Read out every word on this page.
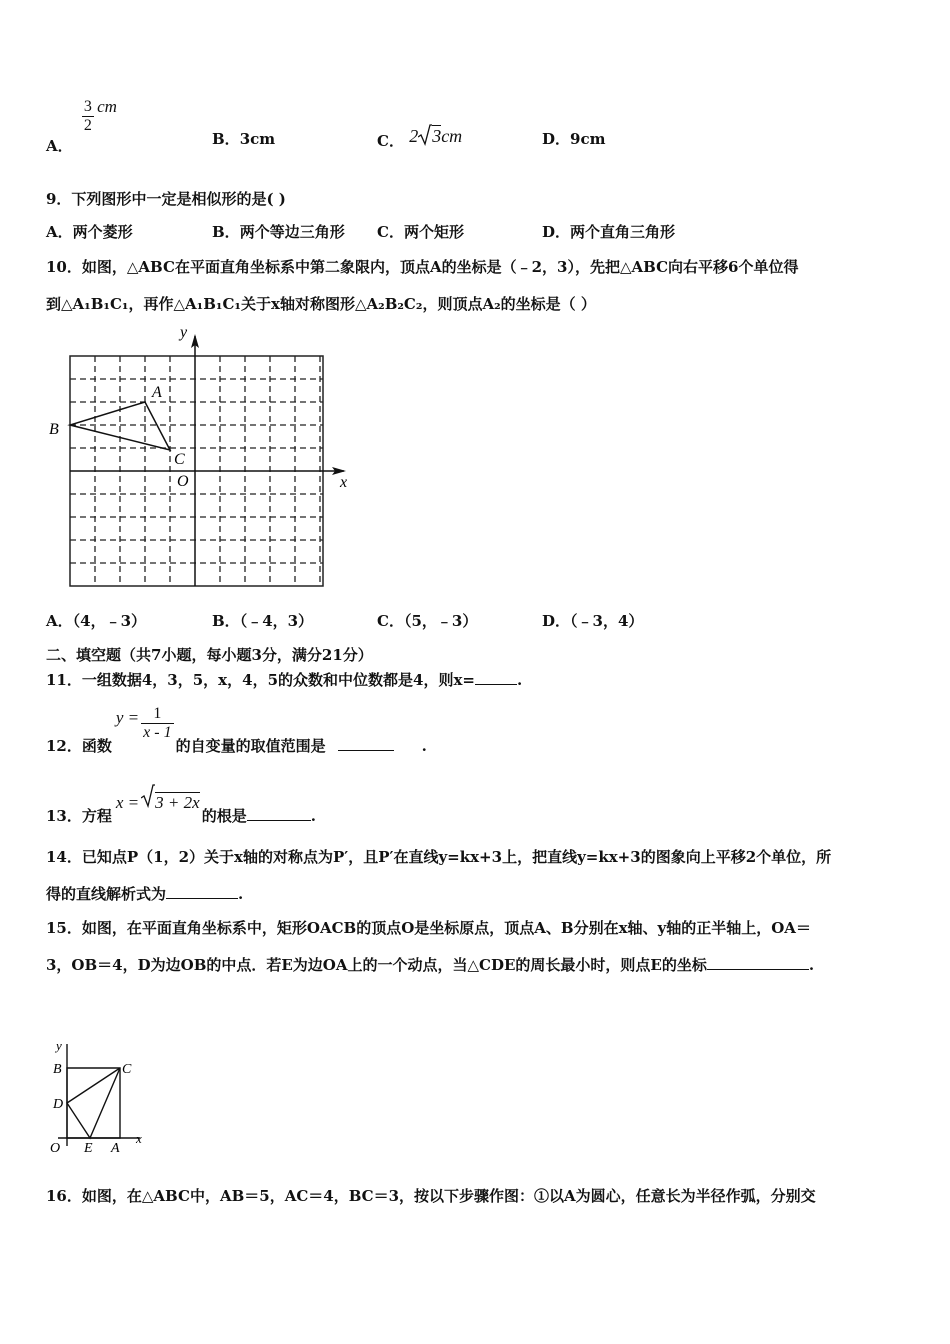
A．
$\frac{3}{2}$ cm
B．3cm	C． 2 3cm	D．9cm
9．下列图形中一定是相似形的是( )
A．两个菱形	B．两个等边三角形 C．两个矩形	D．两个直角三角形
10．如图，△ABC在平面直角坐标系中第二象限内，顶点A的坐标是（﹣2，3），先把△ABC向右平移6个单位得
到△A₁B₁C₁，再作△A₁B₁C₁关于x轴对称图形△A₂B₂C₂，则顶点A₂的坐标是（ ）
y
x
A
B
C
O
A．（4，﹣3）	B．（﹣4，3）	C．（5，﹣3）	D．（﹣3，4）
二、填空题（共7小题，每小题3分，满分21分）
11．一组数据4，3，5，x，4，5的众数和中位数都是4，则x=	.
12．函数$y = \frac{1}{x - 1}$
的自变量的取值范围是	.
13．方程x = 3 + 2x的根是	.
14．已知点P（1，2）关于x轴的对称点为P′，且P′在直线y=kx+3上，把直线y=kx+3的图象向上平移2个单位，所
得的直线解析式为	.
15．如图，在平面直角坐标系中，矩形OACB的顶点O是坐标原点，顶点A、B分别在x轴、y轴的正半轴上，OA＝
3，OB＝4，D为边OB的中点．若E为边OA上的一个动点，当△CDE的周长最小时，则点E的坐标	.
y
x
B	C
D
O E A
16．如图，在△ABC中，AB＝5，AC＝4，BC＝3，按以下步骤作图：①以A为圆心，任意长为半径作弧，分别交
